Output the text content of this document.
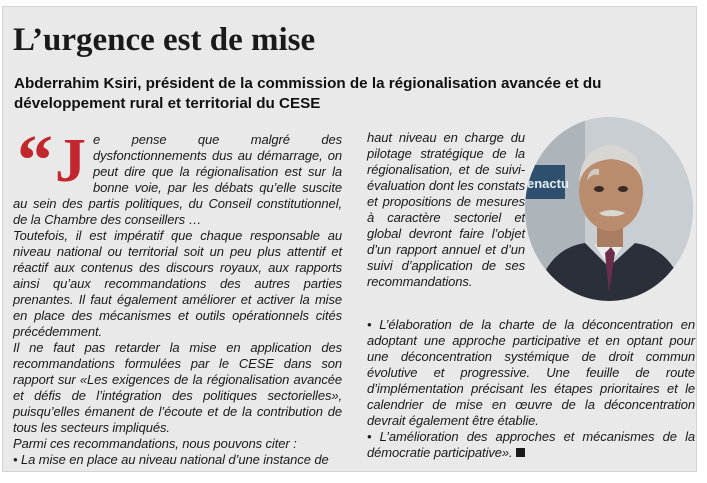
L’urgence est de mise
Abderrahim Ksiri, président de la commission de la régionalisation avancée et du développement rural et territorial du CESE
“ J e pense que malgré des dysfonctionnements dus au démarrage, on peut dire que la régionalisation est sur la bonne voie, par les débats qu’elle suscite au sein des partis politiques, du Conseil constitutionnel, de la Chambre des conseillers …

Toutefois, il est impératif que chaque responsable au niveau national ou territorial soit un peu plus attentif et réactif aux contenus des discours royaux, aux rapports ainsi qu’aux recommandations des autres parties prenantes. Il faut également améliorer et activer la mise en place des mécanismes et outils opérationnels cités précédemment.

Il ne faut pas retarder la mise en application des recommandations formulées par le CESE dans son rapport sur «Les exigences de la régionalisation avancée et défis de l’intégration des politiques sectorielles», puisqu’elles émanent de l’écoute et de la contribution de tous les secteurs impliqués.

Parmi ces recommandations, nous pouvons citer :

• La mise en place au niveau national d’une instance de

haut niveau en charge du pilotage stratégique de la régionalisation, et de suivi-évaluation dont les constats et propositions de mesures à caractère sectoriel et global devront faire l’objet d’un rapport annuel et d’un suivi d’application de ses recommandations.

enactu

• L’élaboration de la charte de la déconcentration en adoptant une approche participative et en optant pour une déconcentration systémique de droit commun évolutive et progressive. Une feuille de route d’implémentation précisant les étapes prioritaires et le calendrier de mise en œuvre de la déconcentration devrait également être établie.

• L’amélioration des approches et mécanismes de la démocratie participative».
